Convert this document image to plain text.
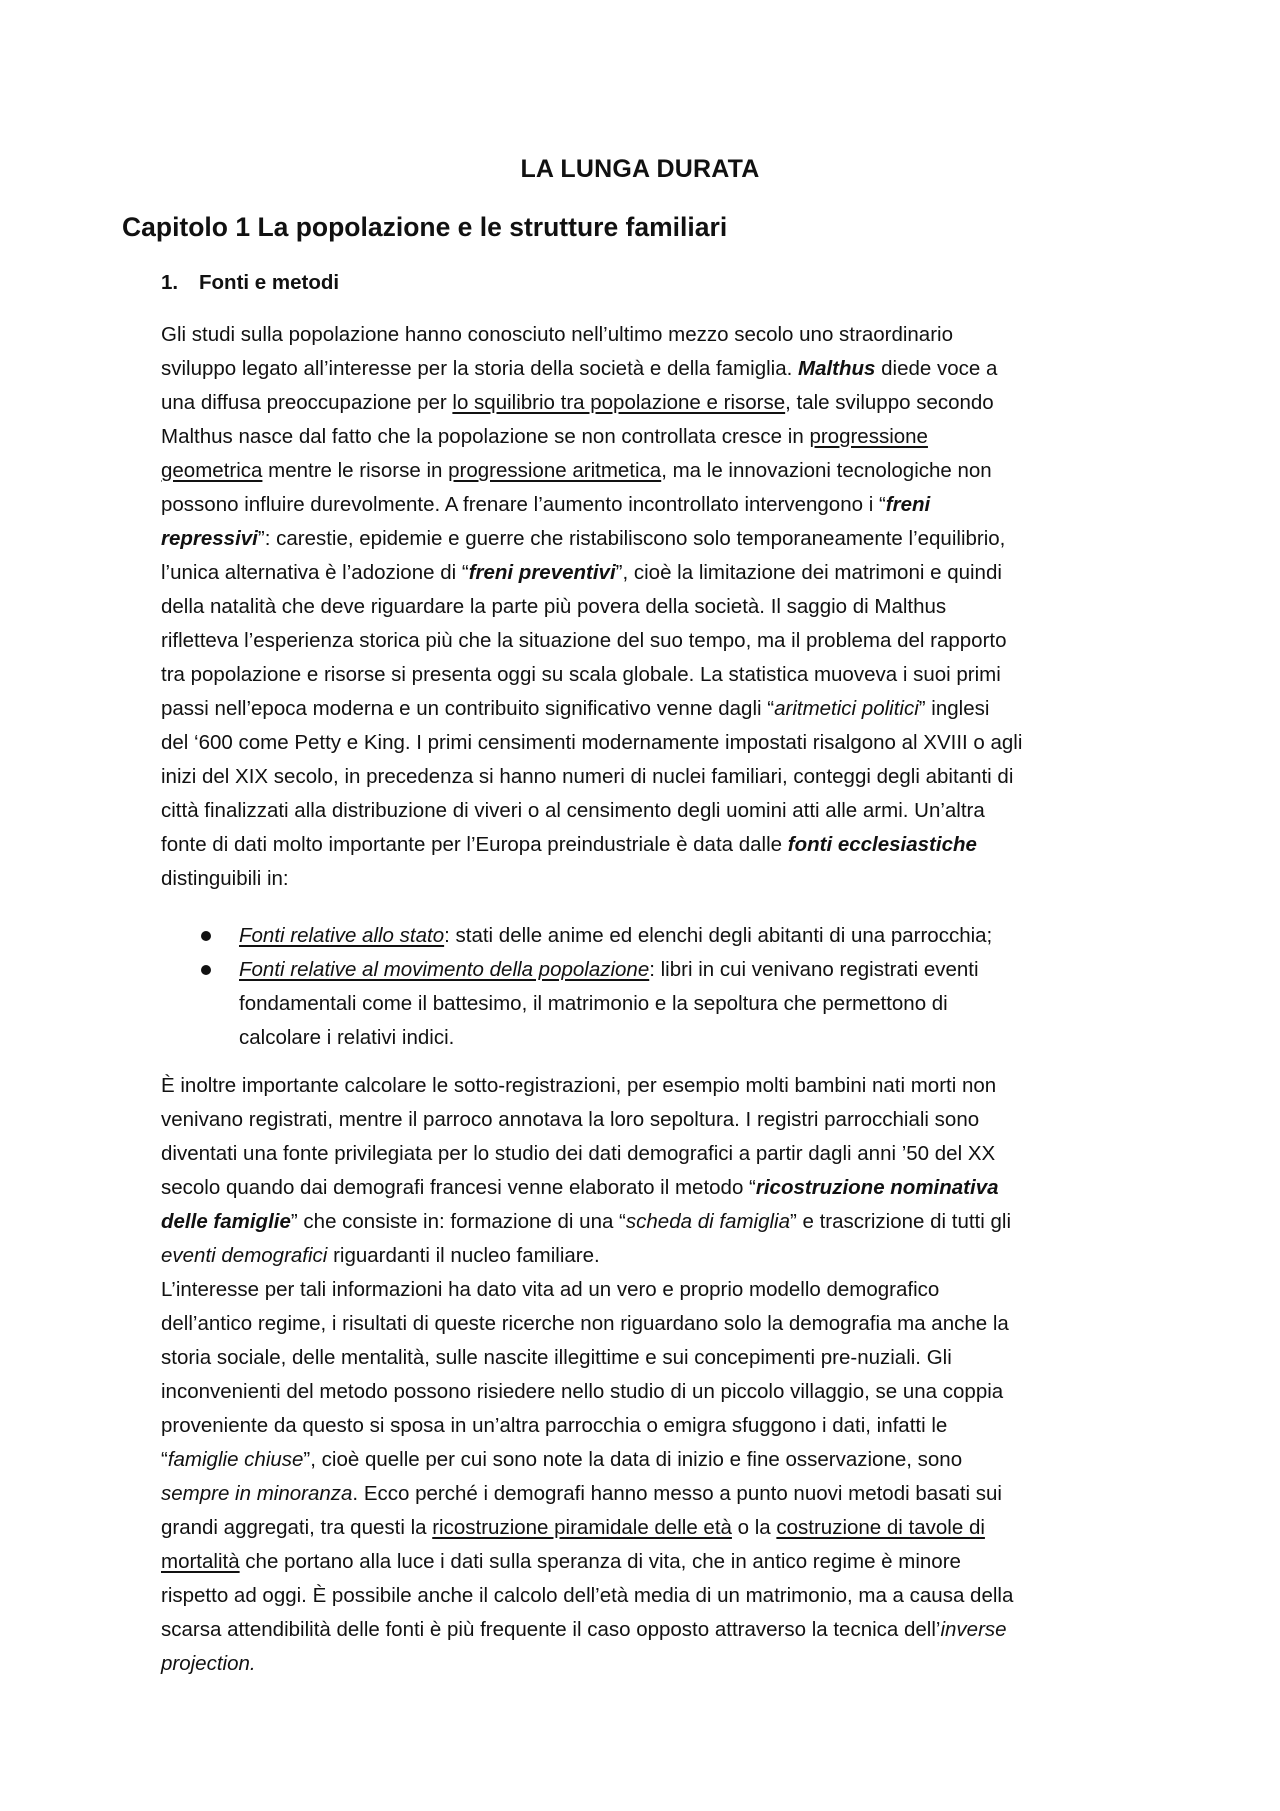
LA LUNGA DURATA
Capitolo 1 La popolazione e le strutture familiari
1. Fonti e metodi
Gli studi sulla popolazione hanno conosciuto nell’ultimo mezzo secolo uno straordinario
sviluppo legato all’interesse per la storia della società e della famiglia. Malthus diede voce a
una diffusa preoccupazione per lo squilibrio tra popolazione e risorse, tale sviluppo secondo
Malthus nasce dal fatto che la popolazione se non controllata cresce in progressione
geometrica mentre le risorse in progressione aritmetica, ma le innovazioni tecnologiche non
possono influire durevolmente. A frenare l’aumento incontrollato intervengono i “freni
repressivi”: carestie, epidemie e guerre che ristabiliscono solo temporaneamente l’equilibrio,
l’unica alternativa è l’adozione di “freni preventivi”, cioè la limitazione dei matrimoni e quindi
della natalità che deve riguardare la parte più povera della società. Il saggio di Malthus
rifletteva l’esperienza storica più che la situazione del suo tempo, ma il problema del rapporto
tra popolazione e risorse si presenta oggi su scala globale. La statistica muoveva i suoi primi
passi nell’epoca moderna e un contribuito significativo venne dagli “aritmetici politici” inglesi
del ‘600 come Petty e King. I primi censimenti modernamente impostati risalgono al XVIII o agli
inizi del XIX secolo, in precedenza si hanno numeri di nuclei familiari, conteggi degli abitanti di
città finalizzati alla distribuzione di viveri o al censimento degli uomini atti alle armi. Un’altra
fonte di dati molto importante per l’Europa preindustriale è data dalle fonti ecclesiastiche
distinguibili in:
Fonti relative allo stato: stati delle anime ed elenchi degli abitanti di una parrocchia;
Fonti relative al movimento della popolazione: libri in cui venivano registrati eventi
fondamentali come il battesimo, il matrimonio e la sepoltura che permettono di
calcolare i relativi indici.
È inoltre importante calcolare le sotto-registrazioni, per esempio molti bambini nati morti non
venivano registrati, mentre il parroco annotava la loro sepoltura. I registri parrocchiali sono
diventati una fonte privilegiata per lo studio dei dati demografici a partir dagli anni ’50 del XX
secolo quando dai demografi francesi venne elaborato il metodo “ricostruzione nominativa
delle famiglie” che consiste in: formazione di una “scheda di famiglia” e trascrizione di tutti gli
eventi demografici riguardanti il nucleo familiare.
L’interesse per tali informazioni ha dato vita ad un vero e proprio modello demografico
dell’antico regime, i risultati di queste ricerche non riguardano solo la demografia ma anche la
storia sociale, delle mentalità, sulle nascite illegittime e sui concepimenti pre-nuziali. Gli
inconvenienti del metodo possono risiedere nello studio di un piccolo villaggio, se una coppia
proveniente da questo si sposa in un’altra parrocchia o emigra sfuggono i dati, infatti le
“famiglie chiuse”, cioè quelle per cui sono note la data di inizio e fine osservazione, sono
sempre in minoranza. Ecco perché i demografi hanno messo a punto nuovi metodi basati sui
grandi aggregati, tra questi la ricostruzione piramidale delle età o la costruzione di tavole di
mortalità che portano alla luce i dati sulla speranza di vita, che in antico regime è minore
rispetto ad oggi. È possibile anche il calcolo dell’età media di un matrimonio, ma a causa della
scarsa attendibilità delle fonti è più frequente il caso opposto attraverso la tecnica dell’inverse
projection.
